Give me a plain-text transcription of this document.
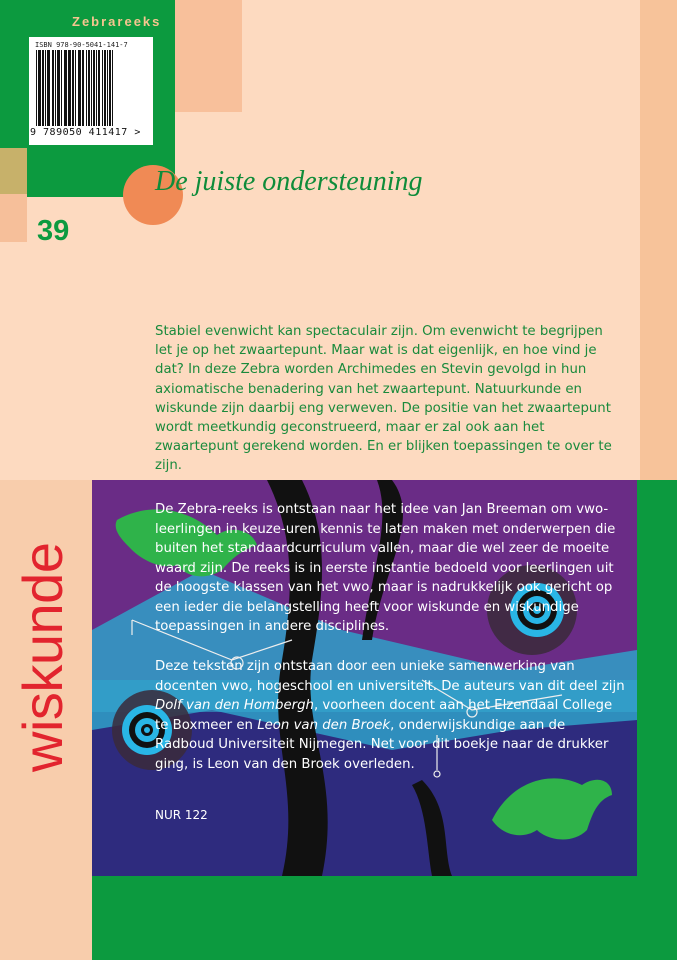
Zebrareeks
ISBN 978-90-5041-141-7
9 789050 411417 >
39
De juiste ondersteuning
Stabiel evenwicht kan spectaculair zijn. Om evenwicht te begrijpen let je op het zwaartepunt. Maar wat is dat eigenlijk, en hoe vind je dat? In deze Zebra worden Archimedes en Stevin gevolgd in hun axiomatische benadering van het zwaartepunt. Natuurkunde en wiskunde zijn daarbij eng verweven. De positie van het zwaartepunt wordt meetkundig geconstrueerd, maar er zal ook aan het zwaartepunt gerekend worden. En er blijken toepassingen te over te zijn.
wiskunde

De Zebra-reeks is ontstaan naar het idee van Jan Breeman om vwo-leerlingen in keuze-uren kennis te laten maken met onderwerpen die buiten het standaardcurriculum vallen, maar die wel zeer de moeite waard zijn. De reeks is in eerste instantie bedoeld voor leerlingen uit de hoogste klassen van het vwo, maar is nadrukkelijk ook gericht op een ieder die belangstelling heeft voor wiskunde en wiskundige toepassingen in andere disciplines.

Deze teksten zijn ontstaan door een unieke samenwerking van docenten vwo, hogeschool en universiteit. De auteurs van dit deel zijn Dolf van den Hombergh, voorheen docent aan het Elzendaal College te Boxmeer en Leon van den Broek, onderwijskundige aan de Radboud Universiteit Nijmegen. Net voor dit boekje naar de drukker ging, is Leon van den Broek overleden.

NUR 122
